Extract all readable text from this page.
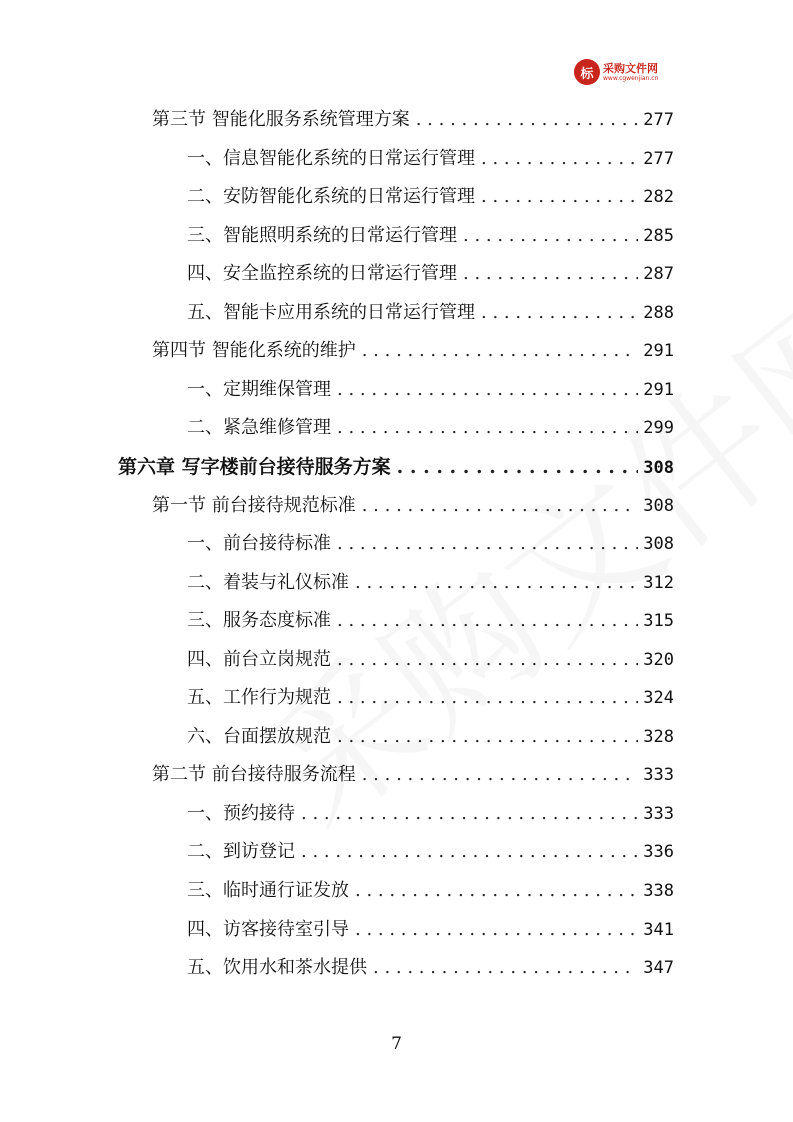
标 采购文件网
www.cgwenjian.cn
第三节 智能化服务系统管理方案 . . .	277
一、信息智能化系统的日常运行管理 . . .	277
二、安防智能化系统的日常运行管理 . . .	282
三、智能照明系统的日常运行管理 . . .	285
四、安全监控系统的日常运行管理 . . .	287
五、智能卡应用系统的日常运行管理 . . .	288
第四节 智能化系统的维护 . . .	291
一、定期维保管理 . . .	291
二、紧急维修管理 . . .	299
第六章 写字楼前台接待服务方案 . . .	308
第一节 前台接待规范标准 . . .	308
一、前台接待标准 . . .	308
二、着装与礼仪标准 . . .	312
三、服务态度标准 . . .	315
四、前台立岗规范 . . .	320
五、工作行为规范 . . .	324
六、台面摆放规范 . . .	328
第二节 前台接待服务流程 . . .	333
一、预约接待 . . .	333
二、到访登记 . . .	336
三、临时通行证发放 . . .	338
四、访客接待室引导 . . .	341
五、饮用水和茶水提供 . . .	347
7
